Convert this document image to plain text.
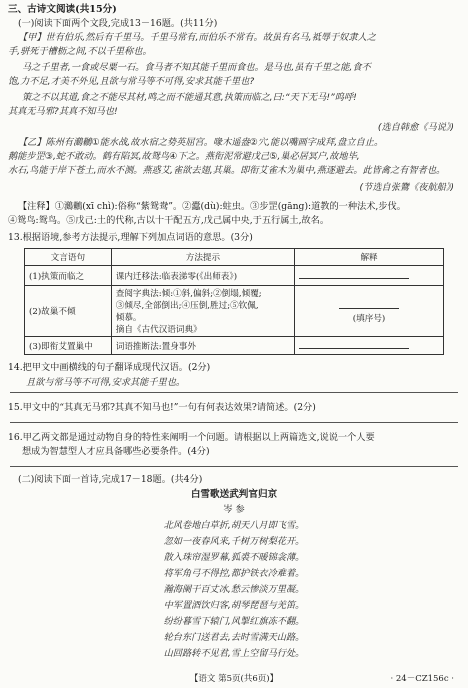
三、古诗文阅读(共15分)
(一)阅读下面两个文段,完成13－16题。(共11分)
【甲】世有伯乐,然后有千里马。千里马常有,而伯乐不常有。故虽有名马,祗辱于奴隶人之
手,骈死于槽枥之间,不以千里称也。
马之千里者,一食或尽粟一石。食马者不知其能千里而食也。是马也,虽有千里之能,食不
饱,力不足,才美不外见,且欲与常马等不可得,安求其能千里也?
策之不以其道,食之不能尽其材,鸣之而不能通其意,执策而临之,曰:“天下无马!”呜呼!
其真无马邪?其真不知马也!
(选自韩愈《马说》)
【乙】陈州有鸂鶒①能水战,故水宿之势英屈宫。喙木遥盎②穴,能以嘴画字成拜,盘立自止。
鹅能步罡③,蛇不敢动。鹤有陷冥,故鸳鸟④下之。燕衔泥常避戊己⑤,巢必居冥户,故地毕,
水石,鸟能于岸下苍土,而水不测。燕惑艾,雀欲去翅,其巢。即衔艾雀木为巢中,燕逐避去。此皆禽之有智者也。
(节选自张鷟《夜航船》)
【注释】①鸂鶒(xī chì):俗称“紫鸳鸯”。②蠹(dù):蛀虫。③步罡(gāng):道教的一种法术,步伐。
④鸳鸟:鸳鸟。⑤戊己:土的代称,古以十干配五方,戊己属中央,于五行属土,故名。
13.根据语境,参考方法提示,理解下列加点词语的意思。(3分)
文言语句	方法提示	解释
(1)执策而临之	课内迁移法:临表涕零(《出师表》)	
(2)故巢不倾	查阅字典法:倾:①斜,偏斜;②倒塌,倾覆;
③倾尽,全部倒出;④压倒,胜过;⑤钦佩,
倾慕。
摘自《古代汉语词典》	(填序号)

(3)即衔艾置巢中	词语推断法:置身事外	
14.把甲文中画横线的句子翻译成现代汉语。(2分)
且欲与常马等不可得,安求其能千里也。
15.甲文中的“其真无马邪?其真不知马也!”一句有何表达效果?请简述。(2分)
16.甲乙两文都是通过动物自身的特性来阐明一个问题。请根据以上两篇选文,说说一个人要
想成为智慧型人才应具备哪些必要条件。(4分)
(二)阅读下面一首诗,完成17－18题。(共4分)
白雪歌送武判官归京
岑 参
北风卷地白草折,胡天八月即飞雪。
忽如一夜春风来,千树万树梨花开。
散入珠帘湿罗幕,狐裘不暖锦衾薄。
将军角弓不得控,都护铁衣冷难着。
瀚海阑干百丈冰,愁云惨淡万里凝。
中军置酒饮归客,胡琴琵琶与羌笛。
纷纷暮雪下辕门,风掣红旗冻不翻。
轮台东门送君去,去时雪满天山路。
山回路转不见君,雪上空留马行处。
【语文 第5页(共6页)】	· 24－CZ156c ·
